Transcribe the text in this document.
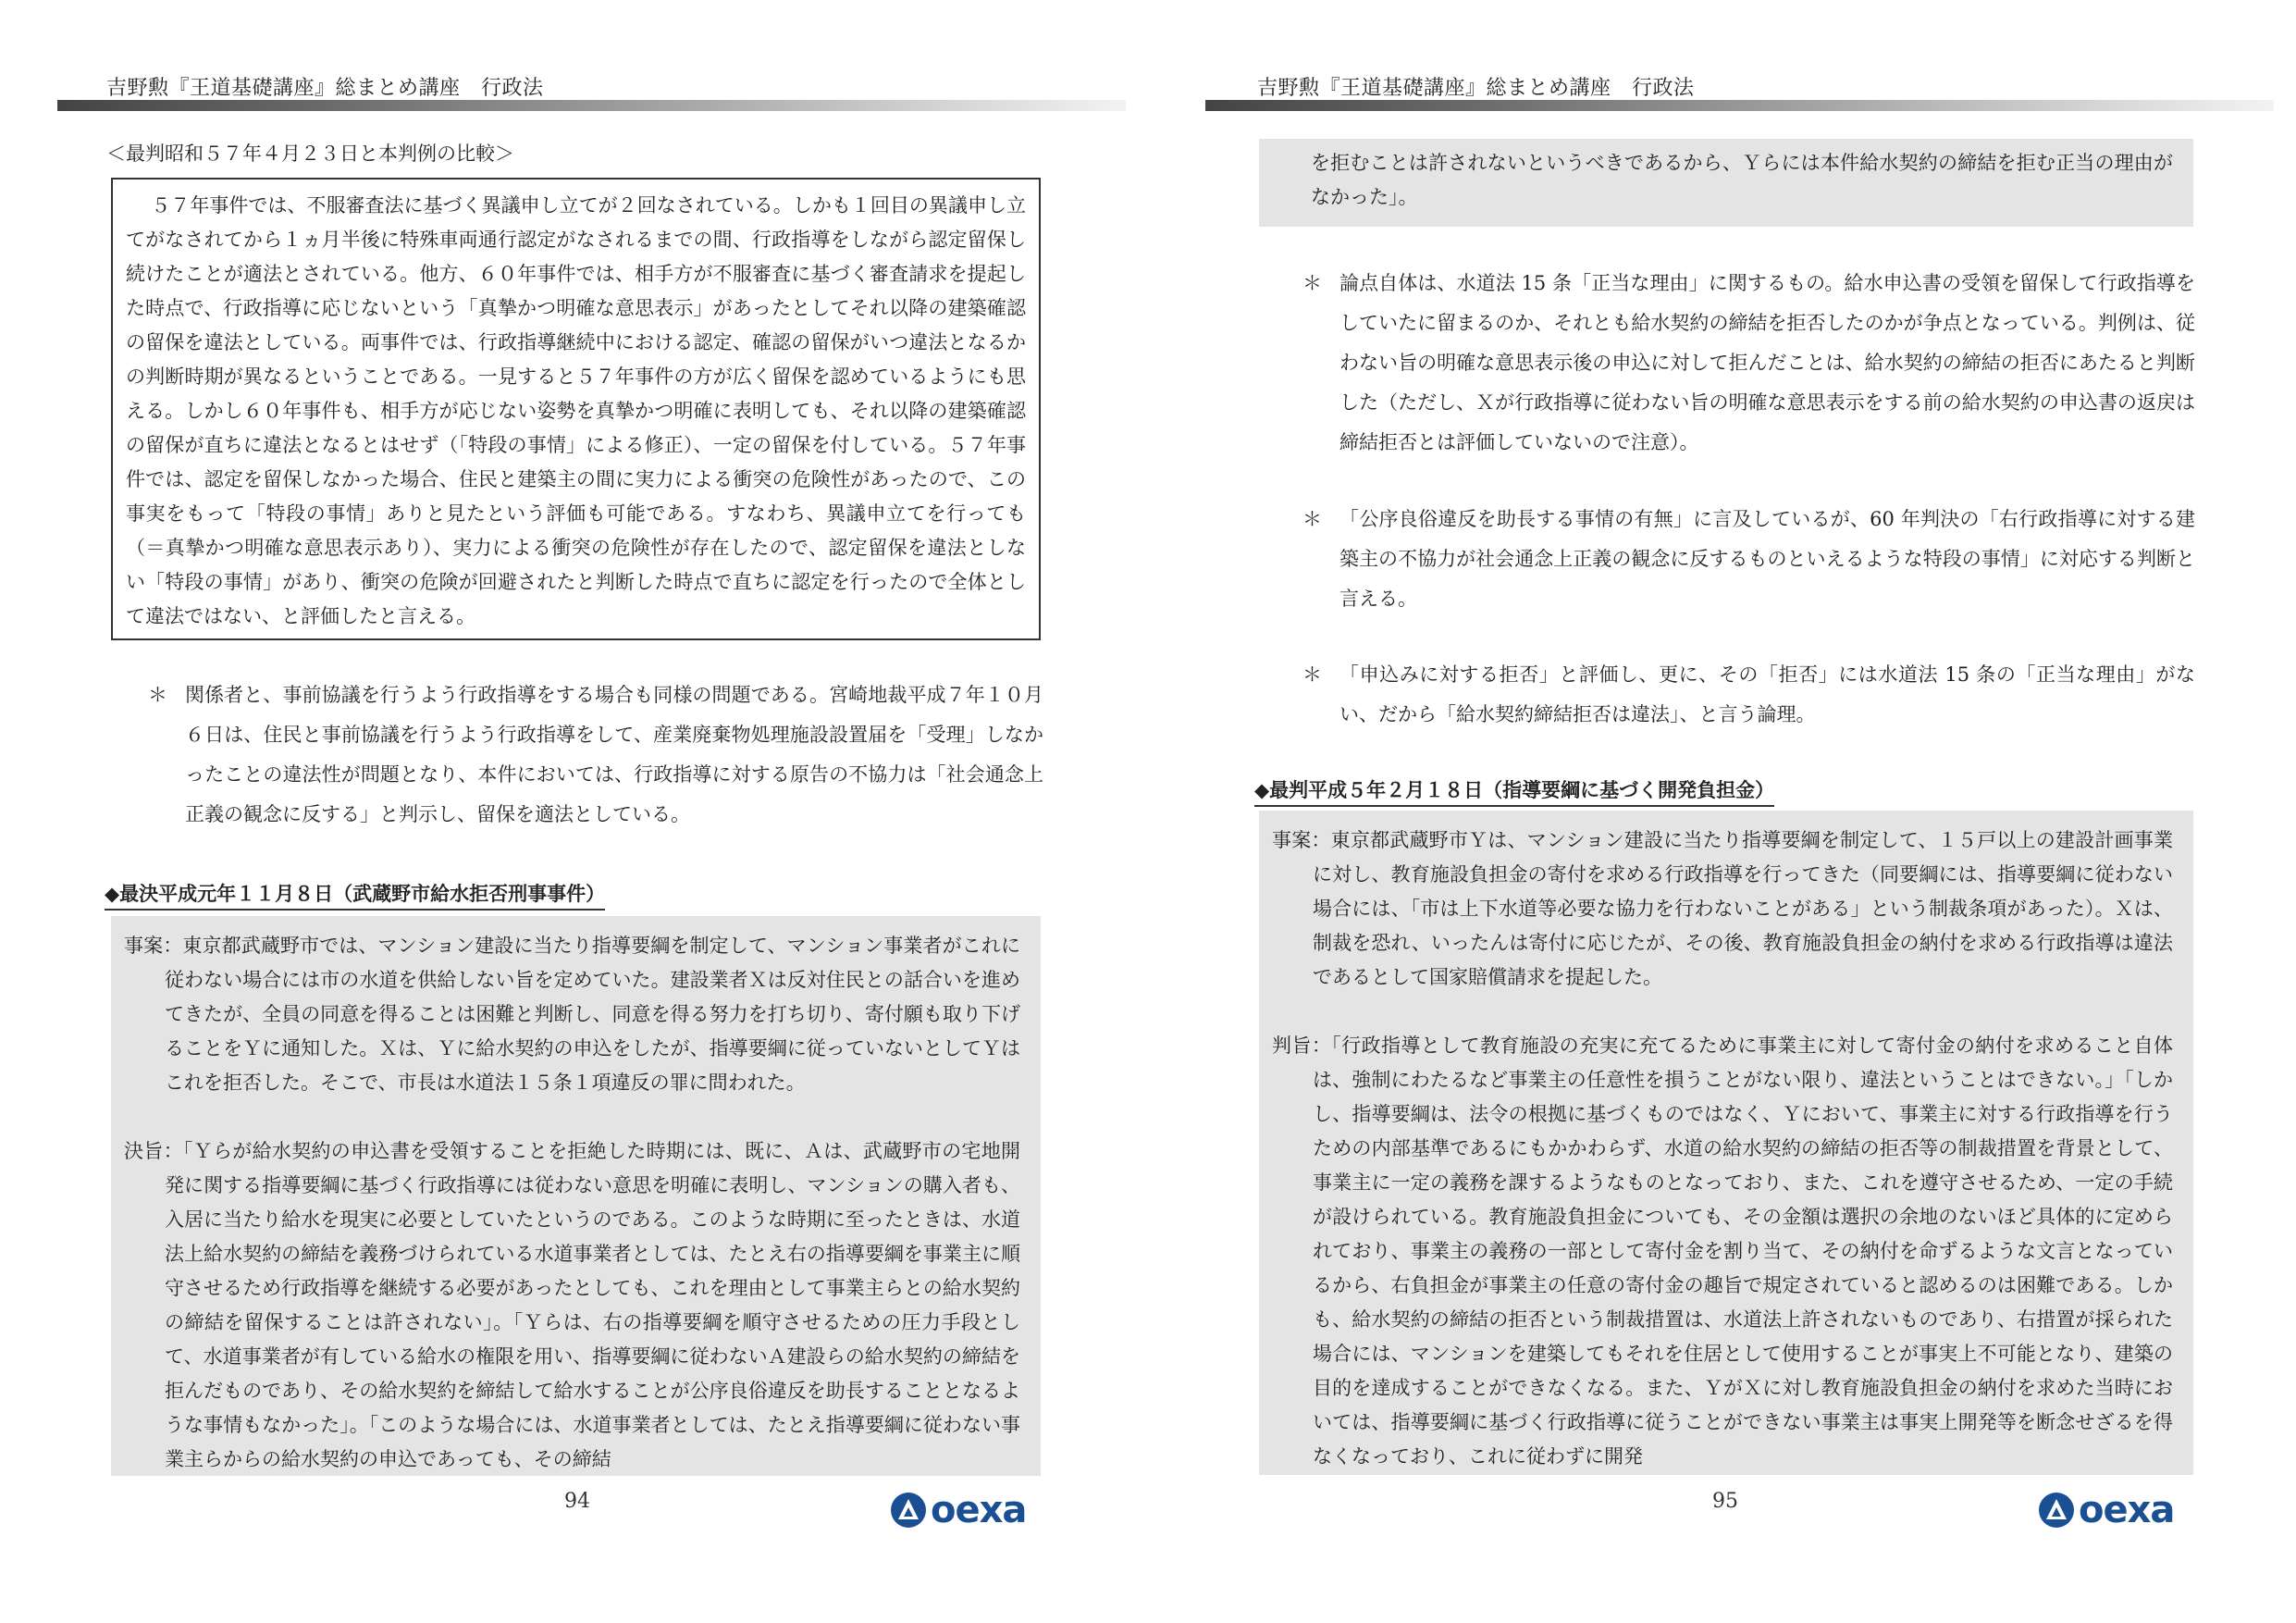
吉野勲『王道基礎講座』総まとめ講座　行政法
＜最判昭和５７年４月２３日と本判例の比較＞
５７年事件では、不服審査法に基づく異議申し立てが２回なされている。しかも１回目の異議申し立てがなされてから１ヵ月半後に特殊車両通行認定がなされるまでの間、行政指導をしながら認定留保し続けたことが適法とされている。他方、６０年事件では、相手方が不服審査に基づく審査請求を提起した時点で、行政指導に応じないという「真摯かつ明確な意思表示」があったとしてそれ以降の建築確認の留保を違法としている。両事件では、行政指導継続中における認定、確認の留保がいつ違法となるかの判断時期が異なるということである。一見すると５７年事件の方が広く留保を認めているようにも思える。しかし６０年事件も、相手方が応じない姿勢を真摯かつ明確に表明しても、それ以降の建築確認の留保が直ちに違法となるとはせず（「特段の事情」による修正）、一定の留保を付している。５７年事件では、認定を留保しなかった場合、住民と建築主の間に実力による衝突の危険性があったので、この事実をもって「特段の事情」ありと見たという評価も可能である。すなわち、異議申立てを行っても（＝真摯かつ明確な意思表示あり）、実力による衝突の危険性が存在したので、認定留保を違法としない「特段の事情」があり、衝突の危険が回避されたと判断した時点で直ちに認定を行ったので全体として違法ではない、と評価したと言える。
＊ 関係者と、事前協議を行うよう行政指導をする場合も同様の問題である。宮崎地裁平成７年１０月６日は、住民と事前協議を行うよう行政指導をして、産業廃棄物処理施設設置届を「受理」しなかったことの違法性が問題となり、本件においては、行政指導に対する原告の不協力は「社会通念上正義の観念に反する」と判示し、留保を適法としている。
◆最決平成元年１１月８日（武蔵野市給水拒否刑事事件）
事案：東京都武蔵野市では、マンション建設に当たり指導要綱を制定して、マンション事業者がこれに従わない場合には市の水道を供給しない旨を定めていた。建設業者Ｘは反対住民との話合いを進めてきたが、全員の同意を得ることは困難と判断し、同意を得る努力を打ち切り、寄付願も取り下げることをＹに通知した。Ｘは、Ｙに給水契約の申込をしたが、指導要綱に従っていないとしてＹはこれを拒否した。そこで、市長は水道法１５条１項違反の罪に問われた。
決旨：「Ｙらが給水契約の申込書を受領することを拒絶した時期には、既に、Ａは、武蔵野市の宅地開発に関する指導要綱に基づく行政指導には従わない意思を明確に表明し、マンションの購入者も、入居に当たり給水を現実に必要としていたというのである。このような時期に至ったときは、水道法上給水契約の締結を義務づけられている水道事業者としては、たとえ右の指導要綱を事業主に順守させるため行政指導を継続する必要があったとしても、これを理由として事業主らとの給水契約の締結を留保することは許されない」。「Ｙらは、右の指導要綱を順守させるための圧力手段として、水道事業者が有している給水の権限を用い、指導要綱に従わないＡ建設らの給水契約の締結を拒んだものであり、その給水契約を締結して給水することが公序良俗違反を助長することとなるような事情もなかった」。「このような場合には、水道事業者としては、たとえ指導要綱に従わない事業主らからの給水契約の申込であっても、その締結
94	oexa
吉野勲『王道基礎講座』総まとめ講座　行政法
を拒むことは許されないというべきであるから、Ｙらには本件給水契約の締結を拒む正当の理由がなかった」。
＊ 論点自体は、水道法 15 条「正当な理由」に関するもの。給水申込書の受領を留保して行政指導をしていたに留まるのか、それとも給水契約の締結を拒否したのかが争点となっている。判例は、従わない旨の明確な意思表示後の申込に対して拒んだことは、給水契約の締結の拒否にあたると判断した（ただし、Ｘが行政指導に従わない旨の明確な意思表示をする前の給水契約の申込書の返戻は締結拒否とは評価していないので注意）。
＊ 「公序良俗違反を助長する事情の有無」に言及しているが、60 年判決の「右行政指導に対する建築主の不協力が社会通念上正義の観念に反するものといえるような特段の事情」に対応する判断と言える。
＊ 「申込みに対する拒否」と評価し、更に、その「拒否」には水道法 15 条の「正当な理由」がない、だから「給水契約締結拒否は違法」、と言う論理。
◆最判平成５年２月１８日（指導要綱に基づく開発負担金）
事案：東京都武蔵野市Ｙは、マンション建設に当たり指導要綱を制定して、１５戸以上の建設計画事業に対し、教育施設負担金の寄付を求める行政指導を行ってきた（同要綱には、指導要綱に従わない場合には、「市は上下水道等必要な協力を行わないことがある」という制裁条項があった）。Ｘは、制裁を恐れ、いったんは寄付に応じたが、その後、教育施設負担金の納付を求める行政指導は違法であるとして国家賠償請求を提起した。
判旨：「行政指導として教育施設の充実に充てるために事業主に対して寄付金の納付を求めること自体は、強制にわたるなど事業主の任意性を損うことがない限り、違法ということはできない。」「しかし、指導要綱は、法令の根拠に基づくものではなく、Ｙにおいて、事業主に対する行政指導を行うための内部基準であるにもかかわらず、水道の給水契約の締結の拒否等の制裁措置を背景として、事業主に一定の義務を課するようなものとなっており、また、これを遵守させるため、一定の手続が設けられている。教育施設負担金についても、その金額は選択の余地のないほど具体的に定められており、事業主の義務の一部として寄付金を割り当て、その納付を命ずるような文言となっているから、右負担金が事業主の任意の寄付金の趣旨で規定されていると認めるのは困難である。しかも、給水契約の締結の拒否という制裁措置は、水道法上許されないものであり、右措置が採られた場合には、マンションを建築してもそれを住居として使用することが事実上不可能となり、建築の目的を達成することができなくなる。また、ＹがＸに対し教育施設負担金の納付を求めた当時においては、指導要綱に基づく行政指導に従うことができない事業主は事実上開発等を断念せざるを得なくなっており、これに従わずに開発
95	oexa
